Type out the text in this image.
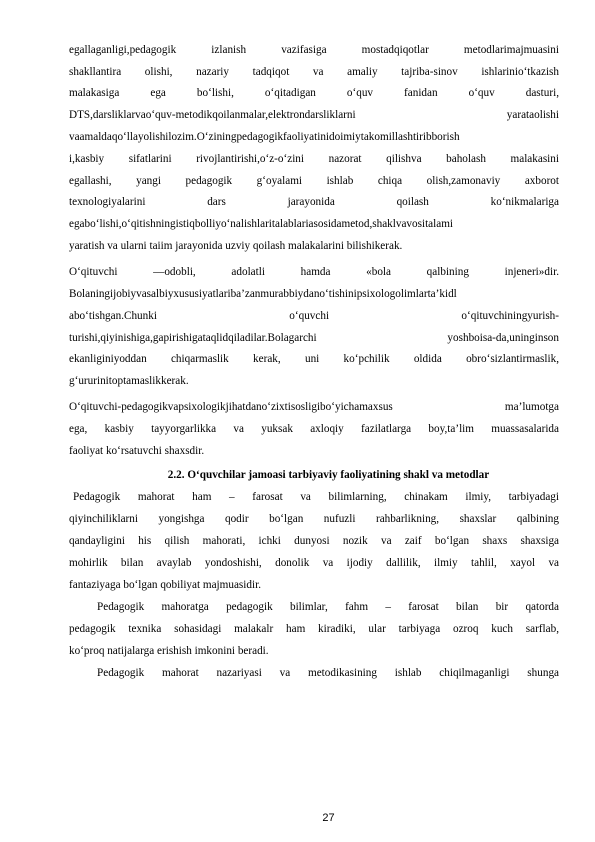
egallaganligi,pedagogik izlanish vazifasiga mostadqiqotlar metodlarimajmuasini
shakllantira olishi, nazariy tadqiqot va amaliy tajriba-sinov ishlarinio‘tkazish
malakasiga ega bo‘lishi, o‘qitadigan o‘quv fanidan o‘quv dasturi,
DTS,darsliklarvao‘quv-metodikqoilanmalar,elektrondarsliklarni yarataolishi
vaamaldaqo‘llayolishilozim.O‘ziningpedagogikfaoliyatinidoimiytakomillashtiribborish
i,kasbiy sifatlarini rivojlantirishi,o‘z-o‘zini nazorat qilishva baholash malakasini
egallashi, yangi pedagogik g‘oyalami ishlab chiqa olish,zamonaviy axborot
texnologiyalarini dars jarayonida qoilash ko‘nikmalariga
egabo‘lishi,o‘qitishningistiqbolliyo‘nalishlaritalablariasosidametod,shaklvavositalami
yaratish va ularni taiim jarayonida uzviy qoilash malakalarini bilishikerak.
O‘qituvchi —odobli, adolatli hamda «bola qalbining injeneri»dir.
Bolaningijobiyvasalbiyxususiyatlariba’zanmurabbiydano‘tishinipsixologolimlarta’kidl
abo‘tishgan.Chunki o‘quvchi o‘qituvchiningyurish-
turishi,qiyinishiga,gapirishigataqlidqiladilar.Bolagarchi yoshboisa-da,uninginson
ekanliginiyoddan chiqarmaslik kerak, uni ko‘pchilik oldida obro‘sizlantirmaslik,
g‘ururinitoptamaslikkerak.
O‘qituvchi-pedagogikvapsixologikjihatdano‘zixtisosligibo‘yichamaxsus ma’lumotga
ega, kasbiy tayyorgarlikka va yuksak axloqiy fazilatlarga boy,ta’lim muassasalarida
faoliyat ko‘rsatuvchi shaxsdir.
2.2. O‘quvchilar jamoasi tarbiyaviy faoliyatining shakl va metodlar
Pedagogik mahorat ham – farosat va bilimlarning, chinakam ilmiy, tarbiyadagi
qiyinchiliklarni yongishga qodir bo‘lgan nufuzli rahbarlikning, shaxslar qalbining
qandayligini his qilish mahorati, ichki dunyosi nozik va zaif bo‘lgan shaxs shaxsiga
mohirlik bilan avaylab yondoshishi, donolik va ijodiy dallilik, ilmiy tahlil, xayol va
fantaziyaga bo‘lgan qobiliyat majmuasidir.
Pedagogik mahoratga pedagogik bilimlar, fahm – farosat bilan bir qatorda
pedagogik texnika sohasidagi malakalr ham kiradiki, ular tarbiyaga ozroq kuch sarflab,
ko‘proq natijalarga erishish imkonini beradi.
Pedagogik mahorat nazariyasi va metodikasining ishlab chiqilmaganligi shunga
27
